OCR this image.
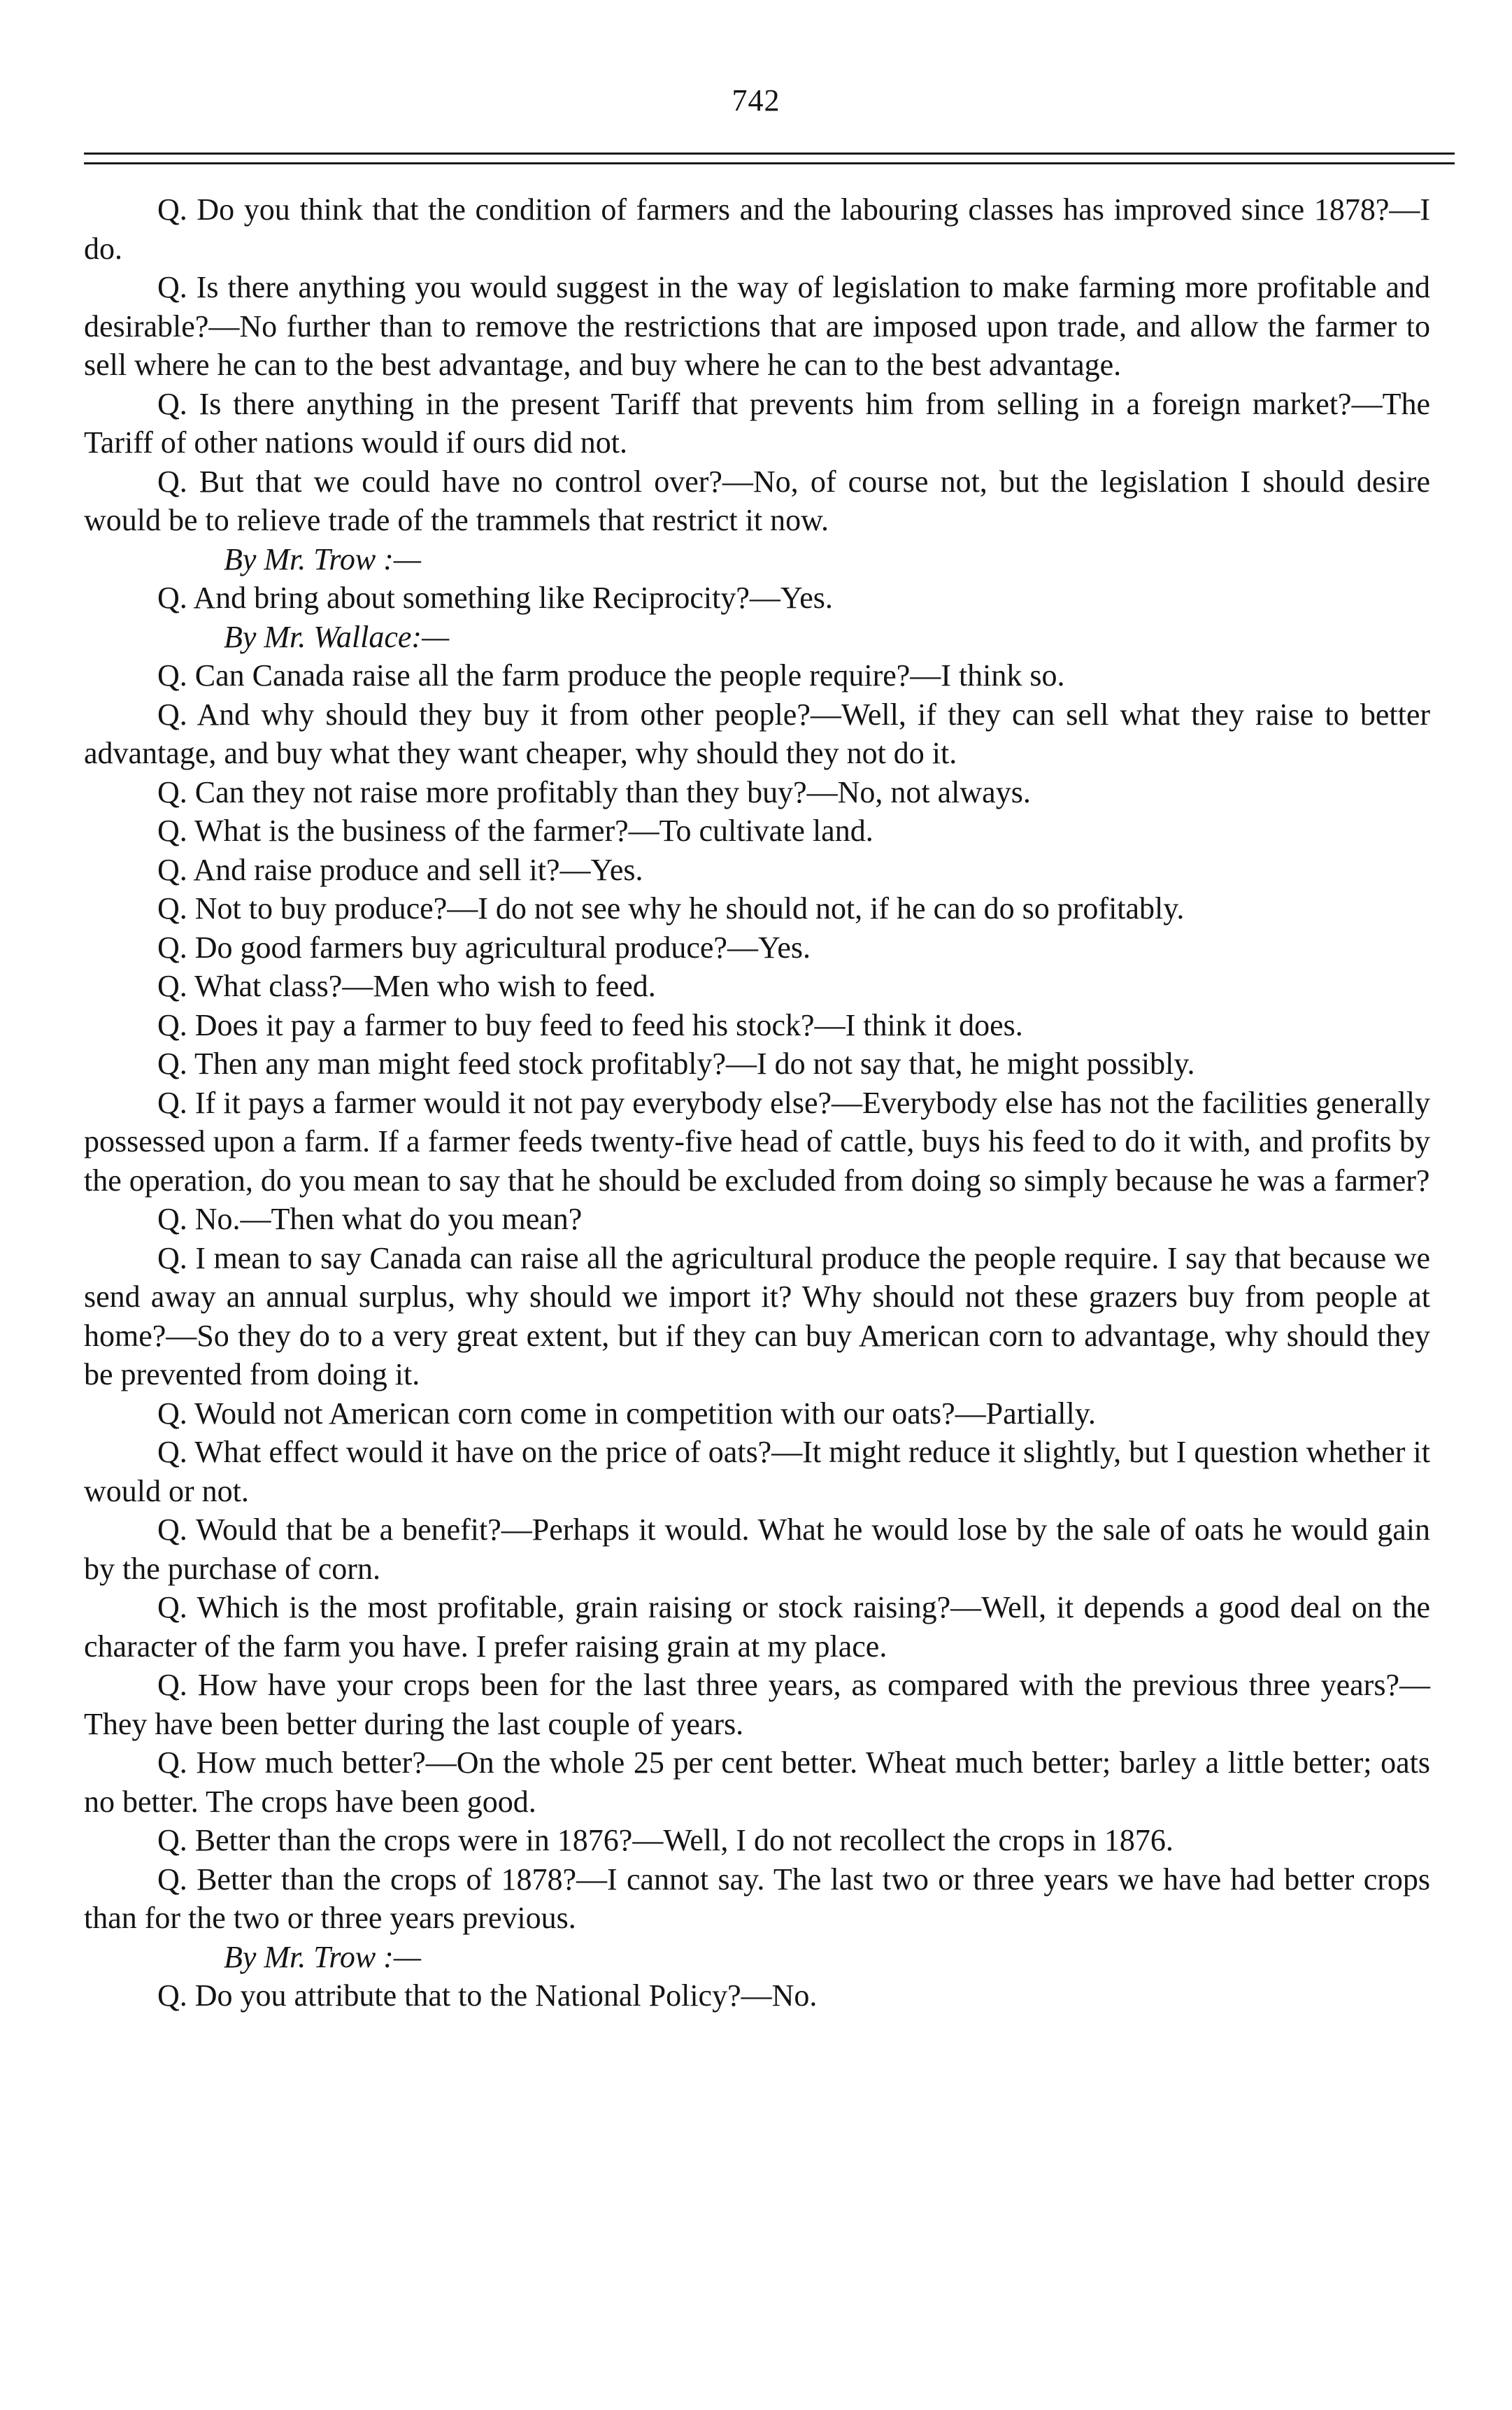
742

Q. Do you think that the condition of farmers and the labouring classes has improved since 1878?—I do.

Q. Is there anything you would suggest in the way of legislation to make farming more profitable and desirable?—No further than to remove the restrictions that are imposed upon trade, and allow the farmer to sell where he can to the best advantage, and buy where he can to the best advantage.

Q. Is there anything in the present Tariff that prevents him from selling in a foreign market?—The Tariff of other nations would if ours did not.

Q. But that we could have no control over?—No, of course not, but the legislation I should desire would be to relieve trade of the trammels that restrict it now.

By Mr. Trow :—

Q. And bring about something like Reciprocity?—Yes.

By Mr. Wallace:—

Q. Can Canada raise all the farm produce the people require?—I think so.

Q. And why should they buy it from other people?—Well, if they can sell what they raise to better advantage, and buy what they want cheaper, why should they not do it.

Q. Can they not raise more profitably than they buy?—No, not always.

Q. What is the business of the farmer?—To cultivate land.

Q. And raise produce and sell it?—Yes.

Q. Not to buy produce?—I do not see why he should not, if he can do so profitably.

Q. Do good farmers buy agricultural produce?—Yes.

Q. What class?—Men who wish to feed.

Q. Does it pay a farmer to buy feed to feed his stock?—I think it does.

Q. Then any man might feed stock profitably?—I do not say that, he might possibly.

Q. If it pays a farmer would it not pay everybody else?—Everybody else has not the facilities generally possessed upon a farm. If a farmer feeds twenty-five head of cattle, buys his feed to do it with, and profits by the operation, do you mean to say that he should be excluded from doing so simply because he was a farmer?

Q. No.—Then what do you mean?

Q. I mean to say Canada can raise all the agricultural produce the people require. I say that because we send away an annual surplus, why should we import it? Why should not these grazers buy from people at home?—So they do to a very great extent, but if they can buy American corn to advantage, why should they be prevented from doing it.

Q. Would not American corn come in competition with our oats?—Partially.

Q. What effect would it have on the price of oats?—It might reduce it slightly, but I question whether it would or not.

Q. Would that be a benefit?—Perhaps it would. What he would lose by the sale of oats he would gain by the purchase of corn.

Q. Which is the most profitable, grain raising or stock raising?—Well, it depends a good deal on the character of the farm you have. I prefer raising grain at my place.

Q. How have your crops been for the last three years, as compared with the previous three years?—They have been better during the last couple of years.

Q. How much better?—On the whole 25 per cent better. Wheat much better; barley a little better; oats no better. The crops have been good.

Q. Better than the crops were in 1876?—Well, I do not recollect the crops in 1876.

Q. Better than the crops of 1878?—I cannot say. The last two or three years we have had better crops than for the two or three years previous.

By Mr. Trow :—

Q. Do you attribute that to the National Policy?—No.
